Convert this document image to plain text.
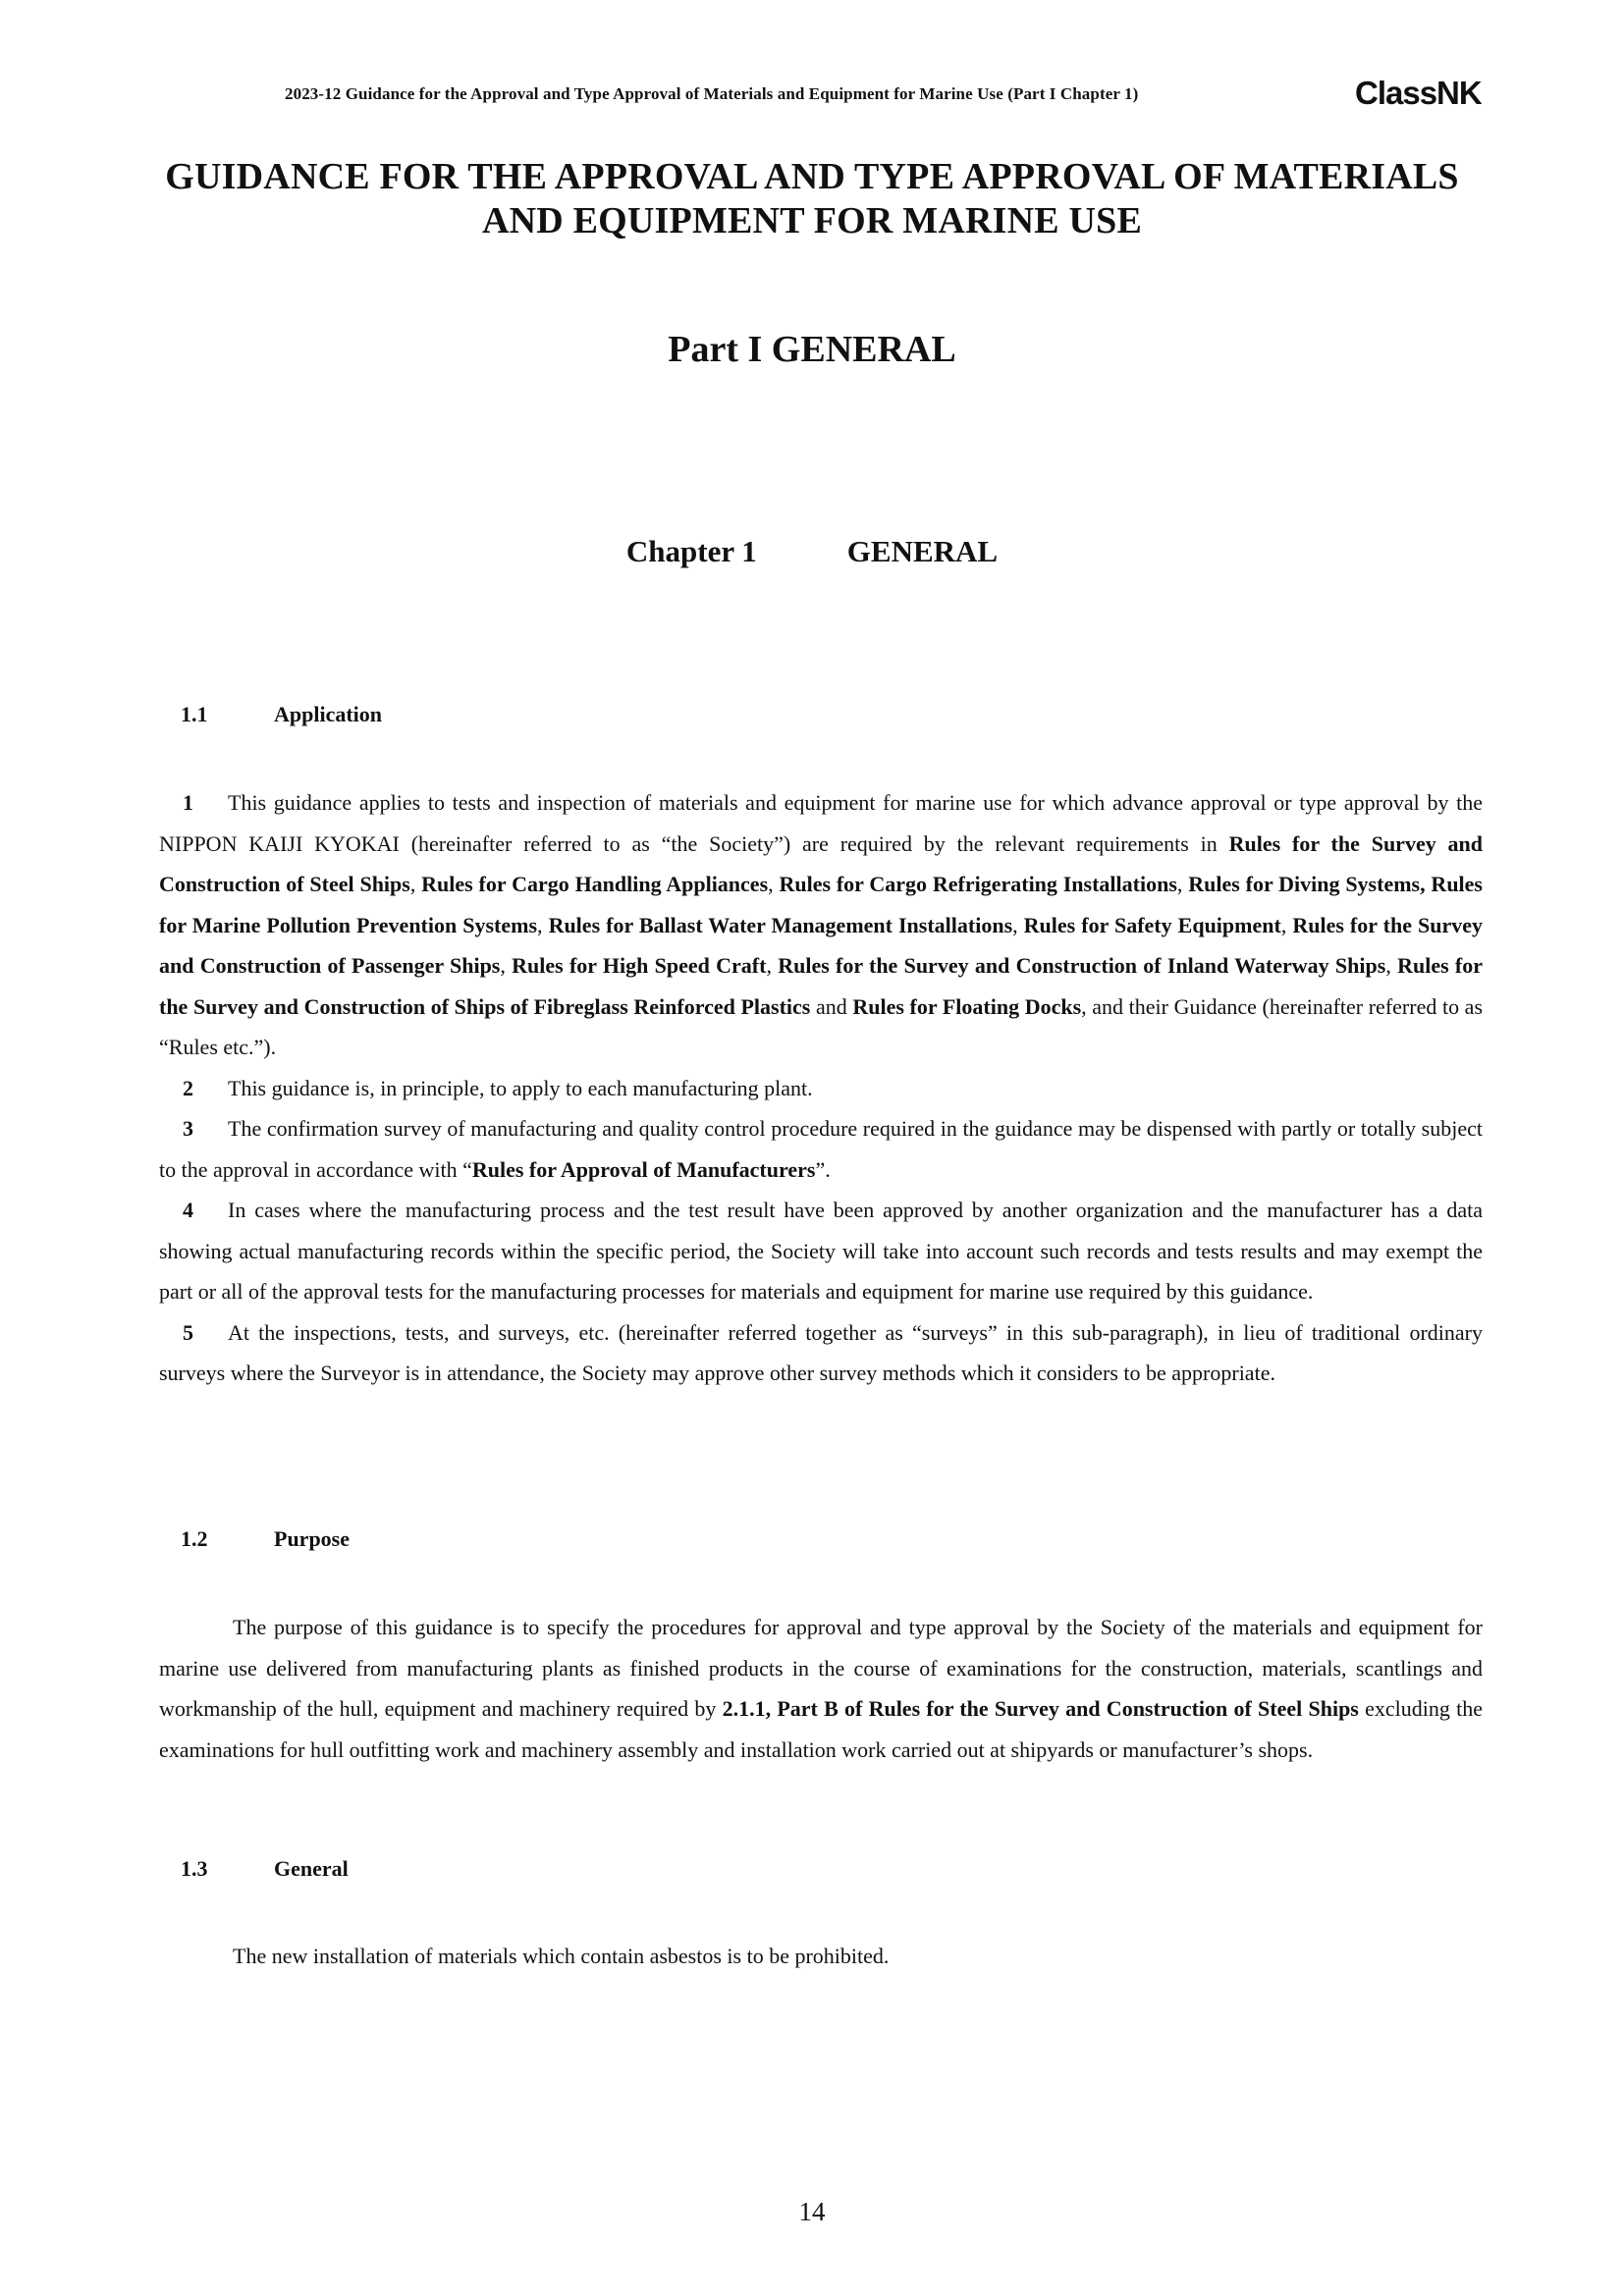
2023-12 Guidance for the Approval and Type Approval of Materials and Equipment for Marine Use (Part I Chapter 1)	ClassNK
GUIDANCE FOR THE APPROVAL AND TYPE APPROVAL OF MATERIALS
AND EQUIPMENT FOR MARINE USE
Part I GENERAL
Chapter 1	GENERAL
1.1	Application

1 This guidance applies to tests and inspection of materials and equipment for marine use for which advance approval or type approval by the NIPPON KAIJI KYOKAI (hereinafter referred to as “the Society”) are required by the relevant requirements in Rules for the Survey and Construction of Steel Ships, Rules for Cargo Handling Appliances, Rules for Cargo Refrigerating Installations, Rules for Diving Systems, Rules for Marine Pollution Prevention Systems, Rules for Ballast Water Management Installations, Rules for Safety Equipment, Rules for the Survey and Construction of Passenger Ships, Rules for High Speed Craft, Rules for the Survey and Construction of Inland Waterway Ships, Rules for the Survey and Construction of Ships of Fibreglass Reinforced Plastics and Rules for Floating Docks, and their Guidance (hereinafter referred to as “Rules etc.”).

2 This guidance is, in principle, to apply to each manufacturing plant.

3 The confirmation survey of manufacturing and quality control procedure required in the guidance may be dispensed with partly or totally subject to the approval in accordance with “Rules for Approval of Manufacturers”.

4 In cases where the manufacturing process and the test result have been approved by another organization and the manufacturer has a data showing actual manufacturing records within the specific period, the Society will take into account such records and tests results and may exempt the part or all of the approval tests for the manufacturing processes for materials and equipment for marine use required by this guidance.

5 At the inspections, tests, and surveys, etc. (hereinafter referred together as “surveys” in this sub-paragraph), in lieu of traditional ordinary surveys where the Surveyor is in attendance, the Society may approve other survey methods which it considers to be appropriate.

1.2	Purpose

The purpose of this guidance is to specify the procedures for approval and type approval by the Society of the materials and equipment for marine use delivered from manufacturing plants as finished products in the course of examinations for the construction, materials, scantlings and workmanship of the hull, equipment and machinery required by 2.1.1, Part B of Rules for the Survey and Construction of Steel Ships excluding the examinations for hull outfitting work and machinery assembly and installation work carried out at shipyards or manufacturer’s shops.

1.3	General

The new installation of materials which contain asbestos is to be prohibited.

14
